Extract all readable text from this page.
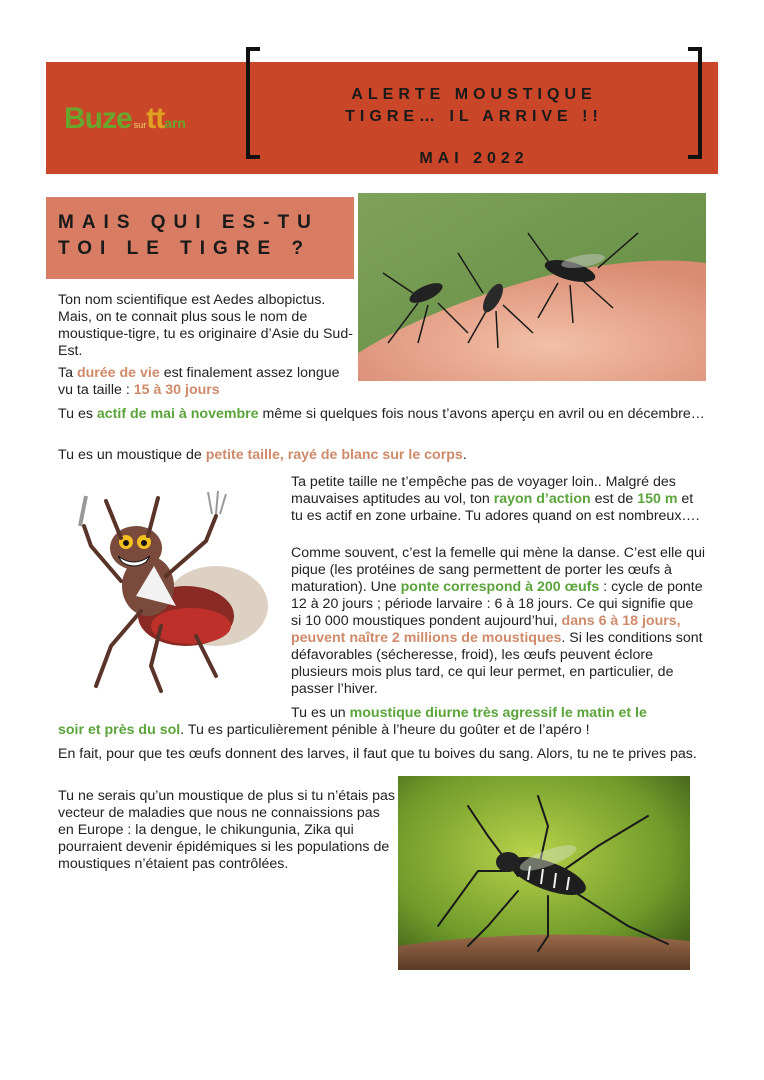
Buze surttarn
ALERTE MOUSTIQUE
TIGRE… IL ARRIVE !!
MAI 2022
MAIS QUI ES-TU
TOI LE TIGRE ?

Ton nom scientifique est Aedes albopictus. Mais, on te connait plus sous le nom de moustique-tigre, tu es originaire d’Asie du Sud-Est.

Ta durée de vie est finalement assez longue vu ta taille : 15 à 30 jours

Tu es actif de mai à novembre même si quelques fois nous t’avons aperçu en avril ou en décembre…

Tu es un moustique de petite taille, rayé de blanc sur le corps.

Ta petite taille ne t’empêche pas de voyager loin.. Malgré des mauvaises aptitudes au vol, ton rayon d’action est de 150 m et tu es actif en zone urbaine. Tu adores quand on est nombreux….

Comme souvent, c’est la femelle qui mène la danse. C’est elle qui pique (les protéines de sang permettent de porter les œufs à maturation). Une ponte correspond à 200 œufs : cycle de ponte 12 à 20 jours ; période larvaire : 6 à 18 jours. Ce qui signifie que si 10 000 moustiques pondent aujourd’hui, dans 6 à 18 jours, peuvent naître 2 millions de moustiques. Si les conditions sont défavorables (sécheresse, froid), les œufs peuvent éclore plusieurs mois plus tard, ce qui leur permet, en particulier, de passer l’hiver.

Tu es un moustique diurne très agressif le matin et le
soir et près du sol. Tu es particulièrement pénible à l’heure du goûter et de l’apéro !

En fait, pour que tes œufs donnent des larves, il faut que tu boives du sang. Alors, tu ne te prives pas.

Tu ne serais qu’un moustique de plus si tu n’étais pas vecteur de maladies que nous ne connaissions pas en Europe : la dengue, le chikungunia, Zika qui pourraient devenir épidémiques si les populations de moustiques n’étaient pas contrôlées.
